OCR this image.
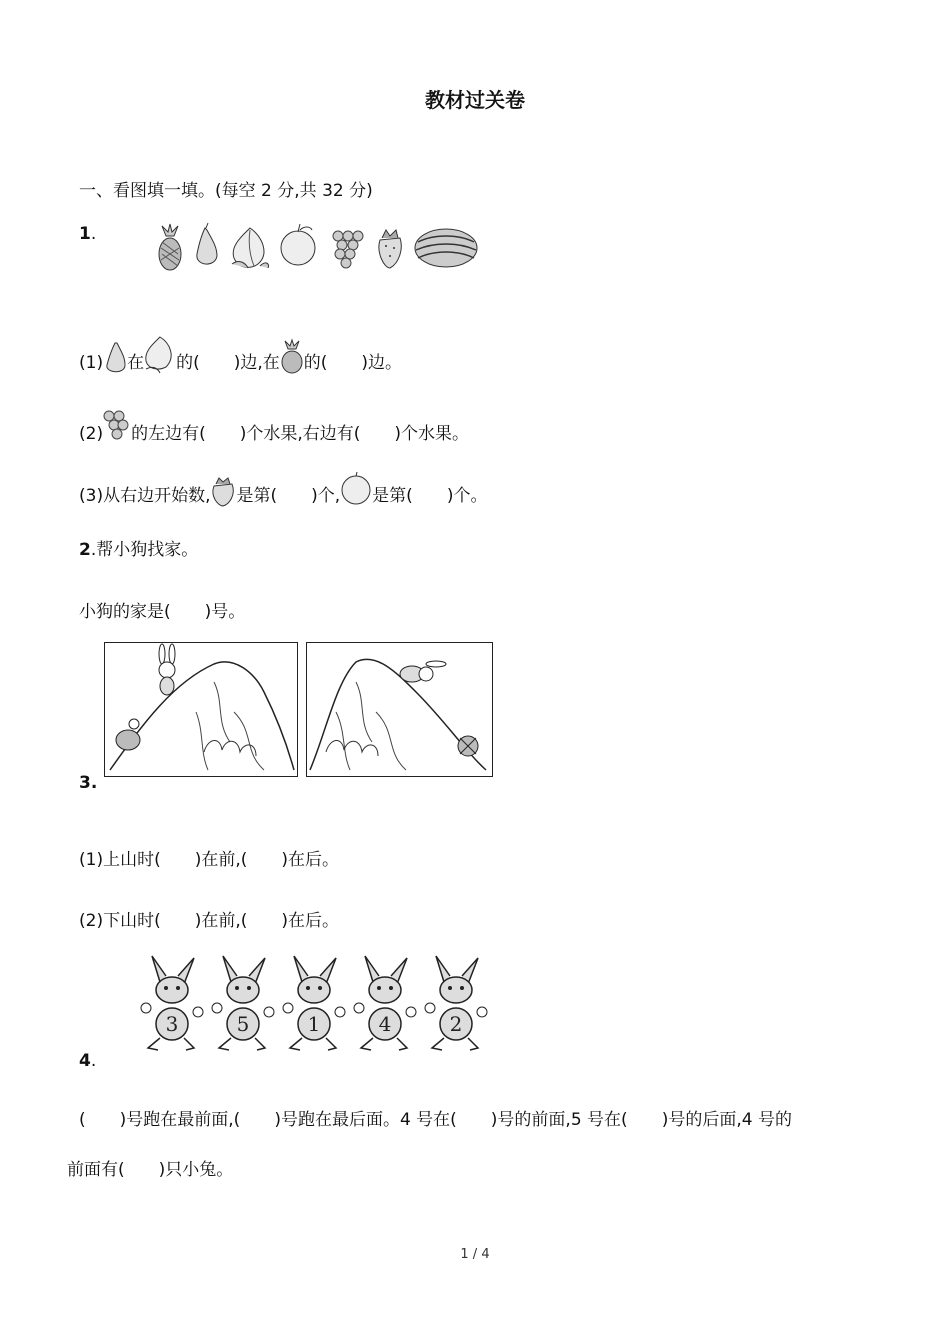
教材过关卷
一、看图填一填。(每空 2 分,共 32 分)
1.
(1) 在 的( )边,在 的( )边。
(2) 的左边有( )个水果,右边有( )个水果。
(3)从右边开始数, 是第( )个, 是第( )个。
2.帮小狗找家。
小狗的家是( )号。
3.
(1)上山时( )在前,( )在后。
(2)下山时( )在前,( )在后。
3	5	1	4	2
4.
( )号跑在最前面,( )号跑在最后面。4 号在( )号的前面,5 号在( )号的后面,4 号的
前面有( )只小兔。
1 / 4
